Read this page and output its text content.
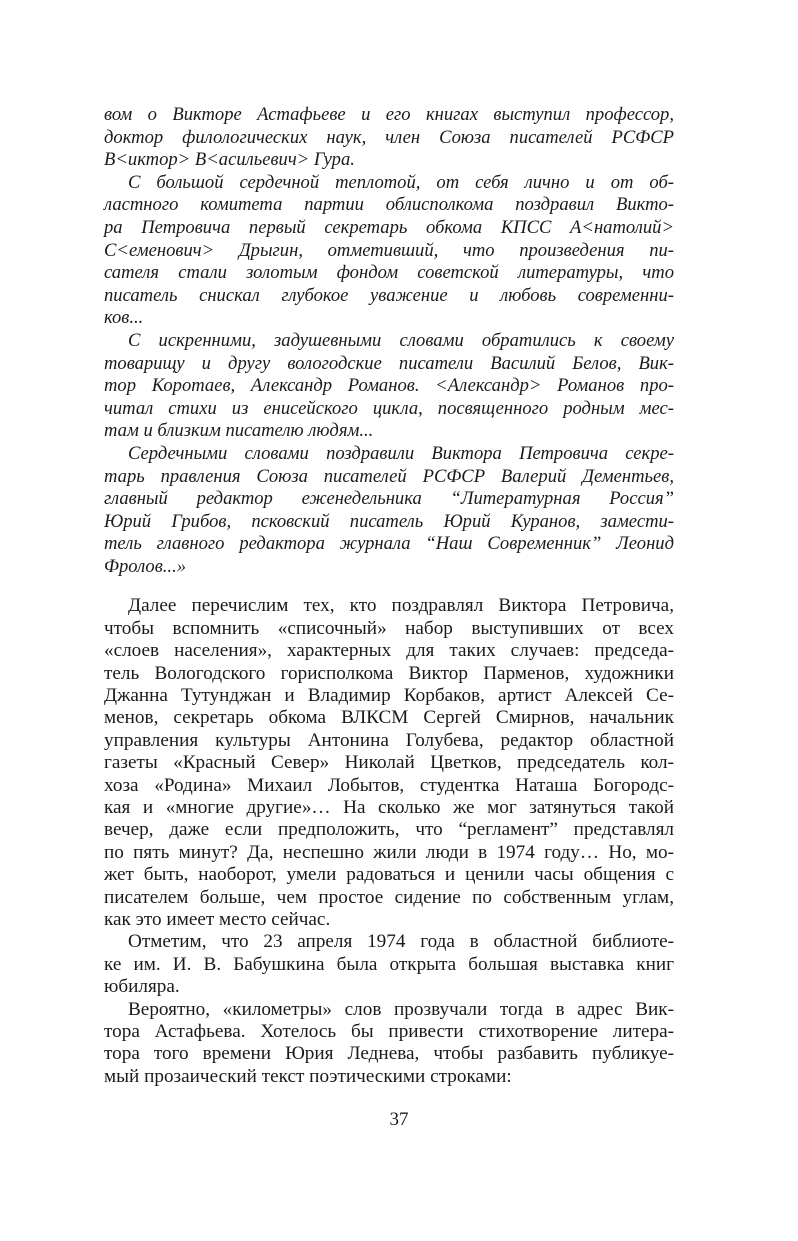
вом о Викторе Астафьеве и его книгах выступил профессор,
доктор филологических наук, член Союза писателей РСФСР
В<иктор> В<асильевич> Гура.
С большой сердечной теплотой, от себя лично и от об-
ластного комитета партии облисполкома поздравил Викто-
ра Петровича первый секретарь обкома КПСС А<натолий>
С<еменович> Дрыгин, отметивший, что произведения пи-
сателя стали золотым фондом советской литературы, что
писатель снискал глубокое уважение и любовь современни-
ков...
С искренними, задушевными словами обратились к своему
товарищу и другу вологодские писатели Василий Белов, Вик-
тор Коротаев, Александр Романов. <Александр> Романов про-
читал стихи из енисейского цикла, посвященного родным мес-
там и близким писателю людям...
Сердечными словами поздравили Виктора Петровича секре-
тарь правления Союза писателей РСФСР Валерий Дементьев,
главный редактор еженедельника “Литературная Россия”
Юрий Грибов, псковский писатель Юрий Куранов, замести-
тель главного редактора журнала “Наш Современник” Леонид
Фролов...»
Далее перечислим тех, кто поздравлял Виктора Петровича,
чтобы вспомнить «списочный» набор выступивших от всех
«слоев населения», характерных для таких случаев: председа-
тель Вологодского горисполкома Виктор Парменов, художники
Джанна Тутунджан и Владимир Корбаков, артист Алексей Се-
менов, секретарь обкома ВЛКСМ Сергей Смирнов, начальник
управления культуры Антонина Голубева, редактор областной
газеты «Красный Север» Николай Цветков, председатель кол-
хоза «Родина» Михаил Лобытов, студентка Наташа Богородс-
кая и «многие другие»… На сколько же мог затянуться такой
вечер, даже если предположить, что “регламент” представлял
по пять минут? Да, неспешно жили люди в 1974 году… Но, мо-
жет быть, наоборот, умели радоваться и ценили часы общения с
писателем больше, чем простое сидение по собственным углам,
как это имеет место сейчас.
Отметим, что 23 апреля 1974 года в областной библиоте-
ке им. И. В. Бабушкина была открыта большая выставка книг
юбиляра.
Вероятно, «километры» слов прозвучали тогда в адрес Вик-
тора Астафьева. Хотелось бы привести стихотворение литера-
тора того времени Юрия Леднева, чтобы разбавить публикуе-
мый прозаический текст поэтическими строками:
37
